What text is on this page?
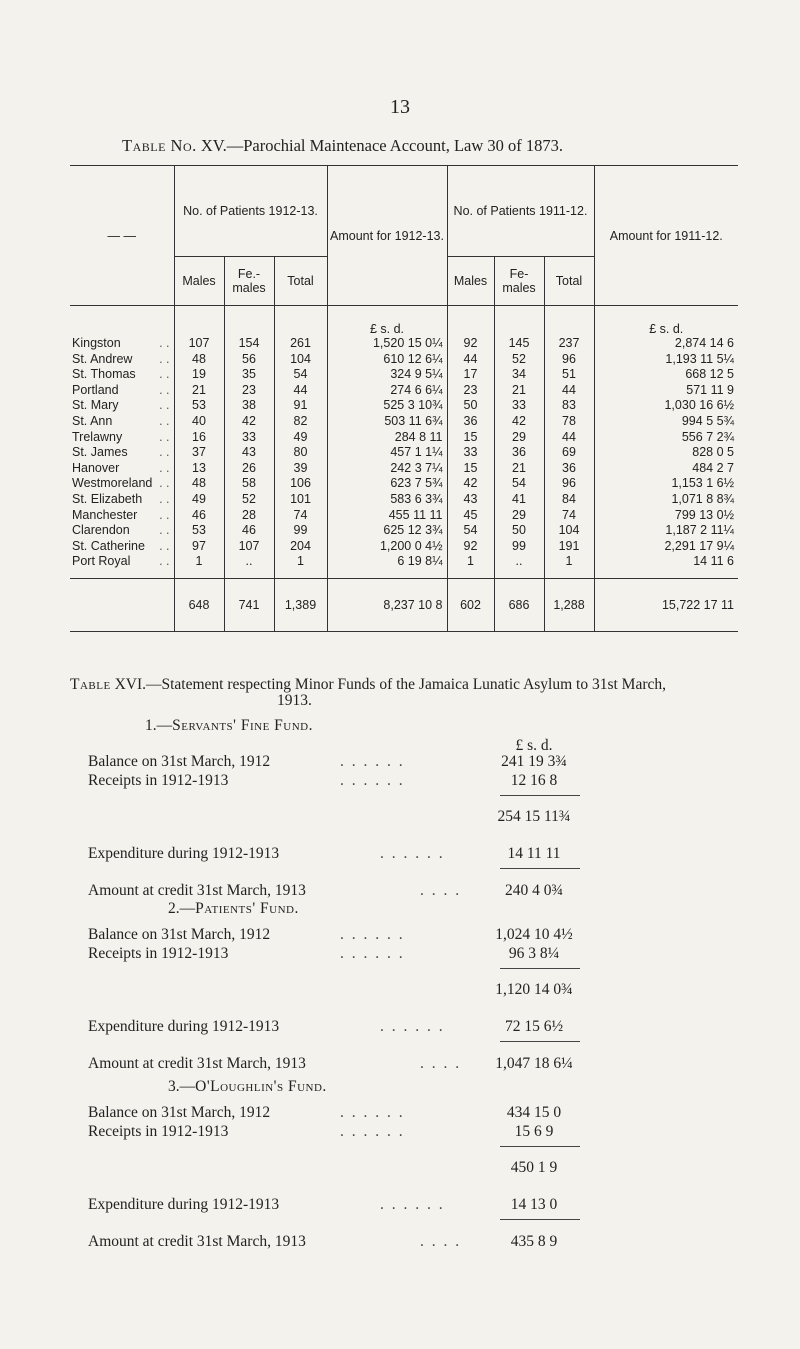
13
Table No. XV.—Parochial Maintenace Account, Law 30 of 1873.
— —	No. of Patients 1912-13.			Amount for 1912-13.	No. of Patients 1911-12.			Amount for 1911-12.
	Males	Fe.- males	Total		Males	Fe- males	Total	
				£ s. d.				£ s. d.
Kingston . .	107	154	261	1,520 15 0¼	92	145	237	2,874 14 6
St. Andrew . .	48	56	104	610 12 6¼	44	52	96	1,193 11 5¼
St. Thomas . .	19	35	54	324 9 5¼	17	34	51	668 12 5
Portland . .	21	23	44	274 6 6¼	23	21	44	571 11 9
St. Mary . .	53	38	91	525 3 10¾	50	33	83	1,030 16 6½
St. Ann . .	40	42	82	503 11 6¾	36	42	78	994 5 5¾
Trelawny . .	16	33	49	284 8 11	15	29	44	556 7 2¾
St. James . .	37	43	80	457 1 1¼	33	36	69	828 0 5
Hanover . .	13	26	39	242 3 7¼	15	21	36	484 2 7
Westmoreland . .	48	58	106	623 7 5¾	42	54	96	1,153 1 6½
St. Elizabeth . .	49	52	101	583 6 3¾	43	41	84	1,071 8 8¾
Manchester . .	46	28	74	455 11 11	45	29	74	799 13 0½
Clarendon . .	53	46	99	625 12 3¾	54	50	104	1,187 2 11¼
St. Catherine . .	97	107	204	1,200 0 4½	92	99	191	2,291 17 9¼
Port Royal . .	1	..	1	6 19 8¼	1	..	1	14 11 6

	648	741	1,389	8,237 10 8	602	686	1,288	15,722 17 11
Table XVI.—Statement respecting Minor Funds of the Jamaica Lunatic Asylum to 31st March,
1913.
1.—Servants' Fine Fund.
£ s. d.
Balance on 31st March, 1912	. . . . . .	241 19 3¾
Receipts in 1912-1913	. . . . . .	12 16 8
254 15 11¾
Expenditure during 1912-1913	. . . . . .	14 11 11
Amount at credit 31st March, 1913	. . . .	240 4 0¾
2.—Patients' Fund.
Balance on 31st March, 1912	. . . . . .	1,024 10 4½
Receipts in 1912-1913	. . . . . .	96 3 8¼
1,120 14 0¾
Expenditure during 1912-1913	. . . . . .	72 15 6½
Amount at credit 31st March, 1913	. . . .	1,047 18 6¼
3.—O'Loughlin's Fund.
Balance on 31st March, 1912	. . . . . .	434 15 0
Receipts in 1912-1913	. . . . . .	15 6 9
450 1 9
Expenditure during 1912-1913	. . . . . .	14 13 0
Amount at credit 31st March, 1913	. . . .	435 8 9
